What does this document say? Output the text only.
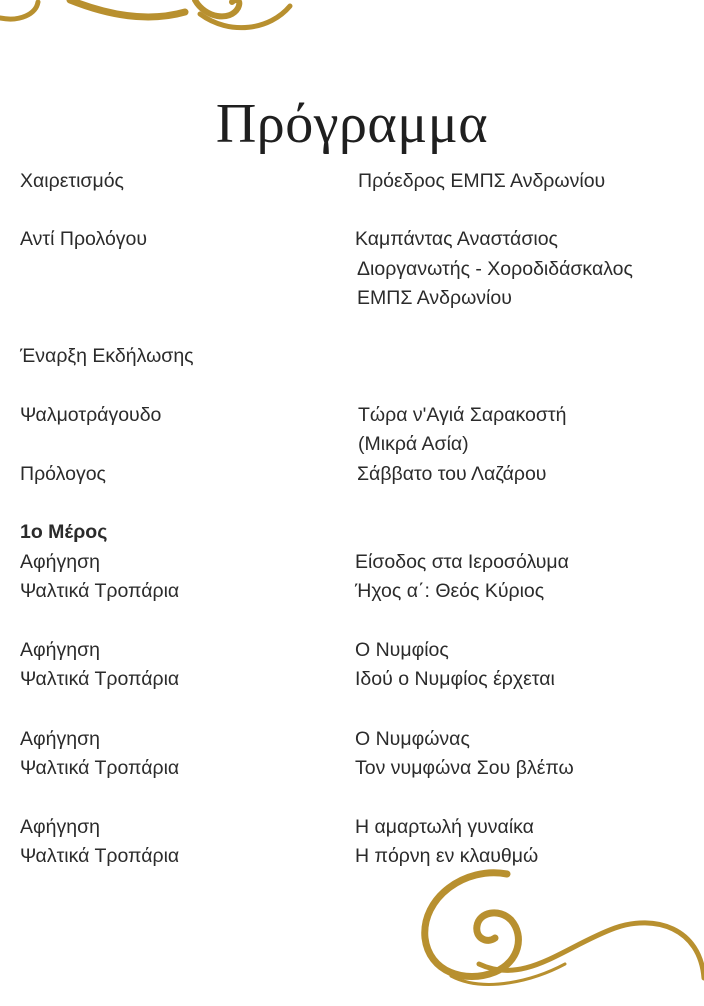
Πρόγραμμα
Χαιρετισμός
Αντί Προλόγου
Έναρξη Εκδήλωσης
Ψαλμοτράγουδο
Πρόλογος
1ο Μέρος
Αφήγηση
Ψαλτικά Τροπάρια
Αφήγηση
Ψαλτικά Τροπάρια
Αφήγηση
Ψαλτικά Τροπάρια
Αφήγηση
Ψαλτικά Τροπάρια
Πρόεδρος ΕΜΠΣ Ανδρωνίου
Καμπάντας Αναστάσιος
Διοργανωτής - Χοροδιδάσκαλος
ΕΜΠΣ Ανδρωνίου
Τώρα ν'Αγιά Σαρακοστή
(Μικρά Ασία)
Σάββατο του Λαζάρου
Είσοδος στα Ιεροσόλυμα
Ήχος α΄: Θεός Κύριος
Ο Νυμφίος
Ιδού ο Νυμφίος έρχεται
Ο Νυμφώνας
Τον νυμφώνα Σου βλέπω
Η αμαρτωλή γυναίκα
Η πόρνη εν κλαυθμώ
